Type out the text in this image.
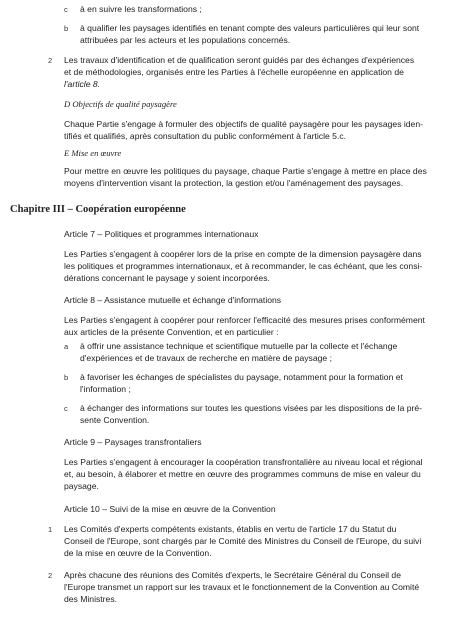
c à en suivre les transformations ;
b à qualifier les paysages identifiés en tenant compte des valeurs particulières qui leur sont
attribuées par les acteurs et les populations concernés.
2 Les travaux d'identification et de qualification seront guidés par des échanges d'expériences
et de méthodologies, organisés entre les Parties à l'échelle européenne en application de
l'article 8.
D Objectifs de qualité paysagère
Chaque Partie s'engage à formuler des objectifs de qualité paysagère pour les paysages iden-
tifiés et qualifiés, après consultation du public conformément à l'article 5.c.
E Mise en œuvre
Pour mettre en œuvre les politiques du paysage, chaque Partie s'engage à mettre en place des
moyens d'intervention visant la protection, la gestion et/ou l'aménagement des paysages.
Chapitre III – Coopération européenne
Article 7 – Politiques et programmes internationaux
Les Parties s'engagent à coopérer lors de la prise en compte de la dimension paysagère dans
les politiques et programmes internationaux, et à recommander, le cas échéant, que les consi-
dérations concernant le paysage y soient incorporées.
Article 8 – Assistance mutuelle et échange d'informations
Les Parties s'engagent à coopérer pour renforcer l'efficacité des mesures prises conformément
aux articles de la présente Convention, et en particulier :
a à offrir une assistance technique et scientifique mutuelle par la collecte et l'échange
d'expériences et de travaux de recherche en matière de paysage ;
b à favoriser les échanges de spécialistes du paysage, notamment pour la formation et
l'information ;
c à échanger des informations sur toutes les questions visées par les dispositions de la pré-
sente Convention.
Article 9 – Paysages transfrontaliers
Les Parties s'engagent à encourager la coopération transfrontalière au niveau local et régional
et, au besoin, à élaborer et mettre en œuvre des programmes communs de mise en valeur du
paysage.
Article 10 – Suivi de la mise en œuvre de la Convention
1 Les Comités d'experts compétents existants, établis en vertu de l'article 17 du Statut du
Conseil de l'Europe, sont chargés par le Comité des Ministres du Conseil de l'Europe, du suivi
de la mise en œuvre de la Convention.
2 Après chacune des réunions des Comités d'experts, le Secrétaire Général du Conseil de
l'Europe transmet un rapport sur les travaux et le fonctionnement de la Convention au Comité
des Ministres.
